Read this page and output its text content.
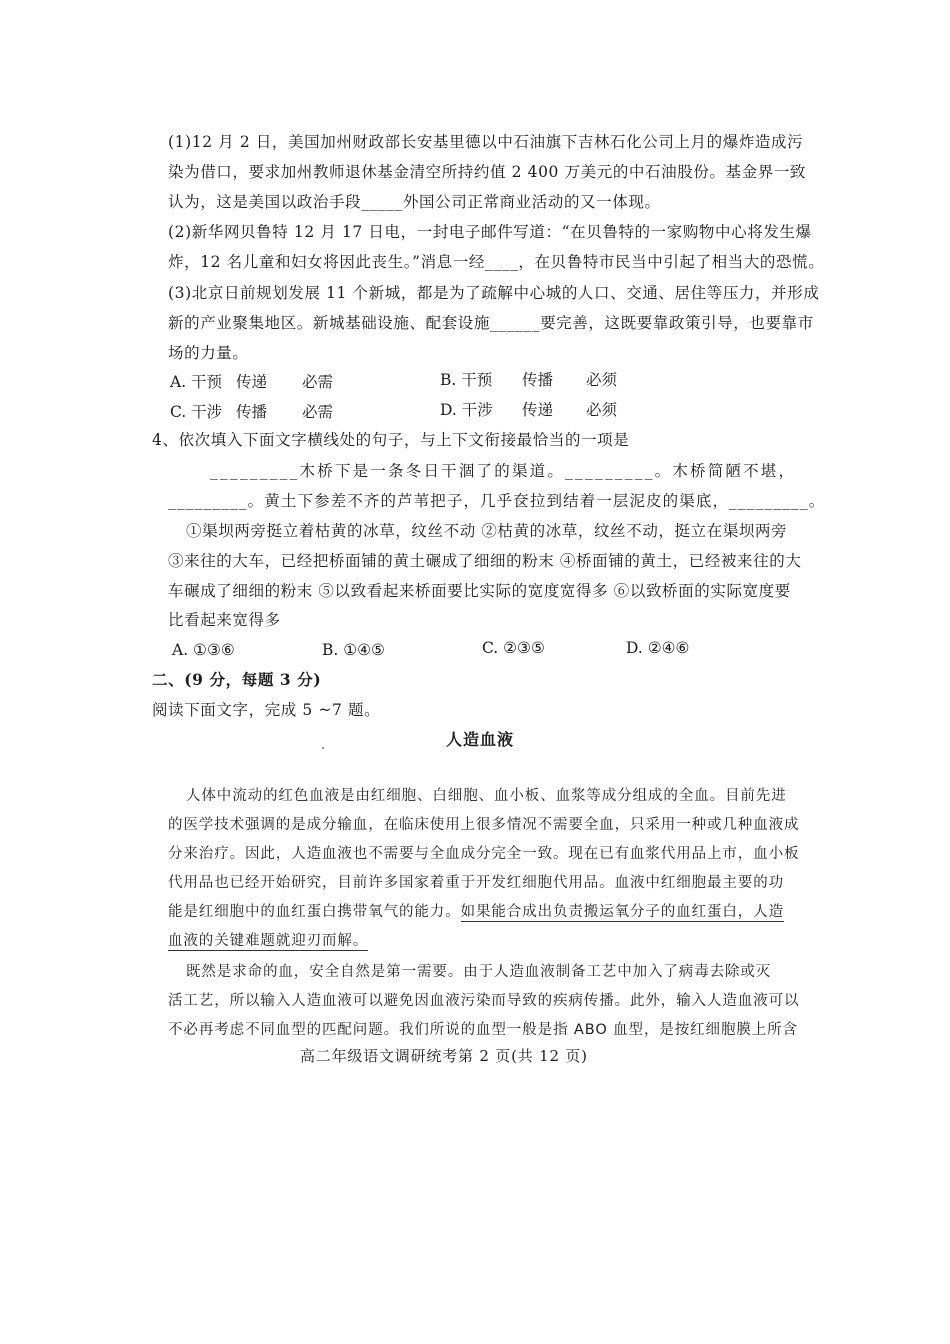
(1)12 月 2 日，美国加州财政部长安基里德以中石油旗下吉林石化公司上月的爆炸造成污
染为借口，要求加州教师退休基金清空所持约值 2 400 万美元的中石油股份。基金界一致
认为，这是美国以政治手段_____外国公司正常商业活动的又一体现。
(2)新华网贝鲁特 12 月 17 日电，一封电子邮件写道：“在贝鲁特的一家购物中心将发生爆
炸，12 名儿童和妇女将因此丧生。”消息一经____，在贝鲁特市民当中引起了相当大的恐慌。
(3)北京日前规划发展 11 个新城，都是为了疏解中心城的人口、交通、居住等压力，并形成
新的产业聚集地区。新城基础设施、配套设施______要完善，这既要靠政策引导，也要靠市
场的力量。
A. 干预 传递 必需	B. 干预 传播 必须
C. 干涉 传播 必需	D. 干涉 传递 必须
4、依次填入下面文字横线处的句子，与上下文衔接最恰当的一项是
_________木桥下是一条冬日干涸了的渠道。_________。木桥简陋不堪，
_________。黄土下参差不齐的芦苇把子，几乎奁拉到结着一层泥皮的渠底，_________。
①渠坝两旁挺立着枯黄的冰草，纹丝不动 ②枯黄的冰草，纹丝不动，挺立在渠坝两旁
③来往的大车，已经把桥面铺的黄土碾成了细细的粉末 ④桥面铺的黄土，已经被来往的大
车碾成了细细的粉末 ⑤以致看起来桥面要比实际的宽度宽得多 ⑥以致桥面的实际宽度要
比看起来宽得多
A. ①③⑥	B. ①④⑤	C. ②③⑤	D. ②④⑥
二、(9 分，每题 3 分)
阅读下面文字，完成 5 ~7 题。
人造血液
人体中流动的红色血液是由红细胞、白细胞、血小板、血浆等成分组成的全血。目前先进
的医学技术强调的是成分输血，在临床使用上很多情况不需要全血，只采用一种或几种血液成
分来治疗。因此，人造血液也不需要与全血成分完全一致。现在已有血浆代用品上市，血小板
代用品也已经开始研究，目前许多国家着重于开发红细胞代用品。血液中红细胞最主要的功
能是红细胞中的血红蛋白携带氧气的能力。如果能合成出负责搬运氧分子的血红蛋白，人造
血液的关键难题就迎刃而解。
既然是求命的血，安全自然是第一需要。由于人造血液制备工艺中加入了病毒去除或灭
活工艺，所以输入人造血液可以避免因血液污染而导致的疾病传播。此外，输入人造血液可以
不必再考虑不同血型的匹配问题。我们所说的血型一般是指 ABO 血型，是按红细胞膜上所含
高二年级语文调研统考第 2 页(共 12 页)
